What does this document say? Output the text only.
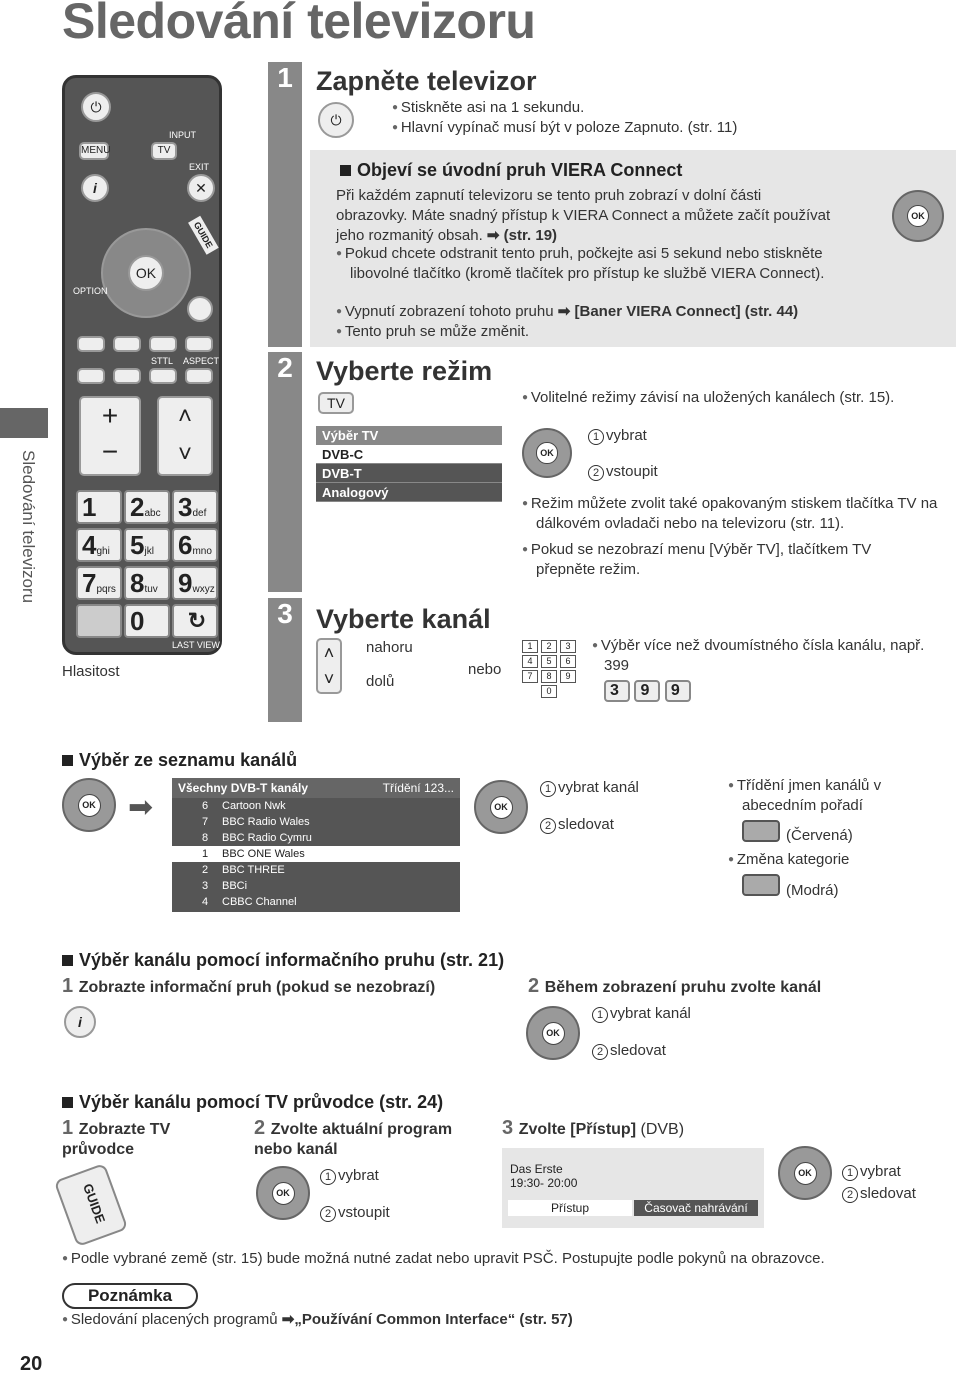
Sledování televizoru
Sledování televizoru
20
⏻
MENU
INPUT
TV
EXIT
i	✕
OK
GUIDE
OPTION
STTL ASPECT
+
−
˄
˅
1	2abc 3def
4ghi 5jkl 6mno
7pqrs 8tuv 9wxyz
0	↻
LAST VIEW
Hlasitost
1
2
3
Zapněte televizor
⏻
● Stiskněte asi na 1 sekundu.
● Hlavní vypínač musí být v poloze Zapnuto. (str. 11)
Objeví se úvodní pruh VIERA Connect
Při každém zapnutí televizoru se tento pruh zobrazí v dolní části obrazovky. Máte snadný přístup k VIERA Connect a můžete začít používat jeho rozmanitý obsah. ➡ (str. 19)
OK
● Pokud chcete odstranit tento pruh, počkejte asi 5 sekund nebo stiskněte libovolné tlačítko (kromě tlačítek pro přístup ke službě VIERA Connect).
● Vypnutí zobrazení tohoto pruhu ➡ [Baner VIERA Connect] (str. 44)
● Tento pruh se může změnit.
Vyberte režim
TV
Výběr TV
DVB-C
DVB-T
Analogový
● Volitelné režimy závisí na uložených kanálech (str. 15).
OK
1 vybrat
2 vstoupit
● Režim můžete zvolit také opakovaným stiskem tlačítka TV na dálkovém ovladači nebo na televizoru (str. 11).
● Pokud se nezobrazí menu [Výběr TV], tlačítkem TV přepněte režim.
Vyberte kanál
˄
˅
nahoru
dolů
nebo
1	2	3
4	5	6
7	8	9
0
● Výběr více než dvoumístného čísla kanálu, např. 399
3 9 9
Výběr ze seznamu kanálů
OK ➡
Všechny DVB-T kanály	Třídění 123...
6 Cartoon Nwk
7 BBC Radio Wales
8 BBC Radio Cymru
1 BBC ONE Wales
2 BBC THREE
3 BBCi
4 CBBC Channel
OK
1 vybrat kanál
2 sledovat
● Třídění jmen kanálů v abecedním pořadí
(Červená)
● Změna kategorie
(Modrá)
Výběr kanálu pomocí informačního pruhu (str. 21)
1 Zobrazte informační pruh (pokud se nezobrazí)
i
2 Během zobrazení pruhu zvolte kanál
OK
1 vybrat kanál
2 sledovat
Výběr kanálu pomocí TV průvodce (str. 24)
1 Zobrazte TV průvodce
GUIDE
2 Zvolte aktuální program nebo kanál
OK
1 vybrat
2 vstoupit
3 Zvolte [Přístup] (DVB)
Das Erste
19:30- 20:00
Přístup	Časovač nahrávání
OK	1 vybrat
2 sledovat
● Podle vybrané země (str. 15) bude možná nutné zadat nebo upravit PSČ. Postupujte podle pokynů na obrazovce.
Poznámka
● Sledování placených programů ➡„Používání Common Interface“ (str. 57)
